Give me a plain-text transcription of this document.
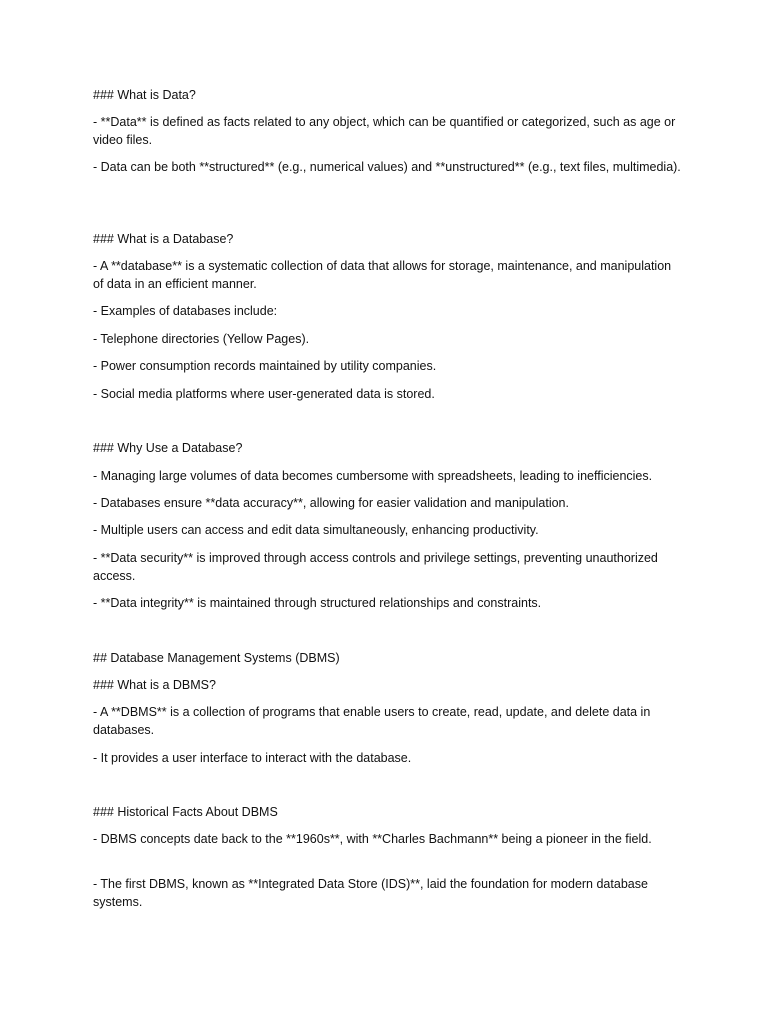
### What is Data?
- **Data** is defined as facts related to any object, which can be quantified or categorized, such as age or video files.
- Data can be both **structured** (e.g., numerical values) and **unstructured** (e.g., text files, multimedia).
### What is a Database?
- A **database** is a systematic collection of data that allows for storage, maintenance, and manipulation of data in an efficient manner.
- Examples of databases include:
- Telephone directories (Yellow Pages).
- Power consumption records maintained by utility companies.
- Social media platforms where user-generated data is stored.
### Why Use a Database?
- Managing large volumes of data becomes cumbersome with spreadsheets, leading to inefficiencies.
- Databases ensure **data accuracy**, allowing for easier validation and manipulation.
- Multiple users can access and edit data simultaneously, enhancing productivity.
- **Data security** is improved through access controls and privilege settings, preventing unauthorized access.
- **Data integrity** is maintained through structured relationships and constraints.
## Database Management Systems (DBMS)
### What is a DBMS?
- A **DBMS** is a collection of programs that enable users to create, read, update, and delete data in databases.
- It provides a user interface to interact with the database.
### Historical Facts About DBMS
- DBMS concepts date back to the **1960s**, with **Charles Bachmann** being a pioneer in the field.
- The first DBMS, known as **Integrated Data Store (IDS)**, laid the foundation for modern database systems.
